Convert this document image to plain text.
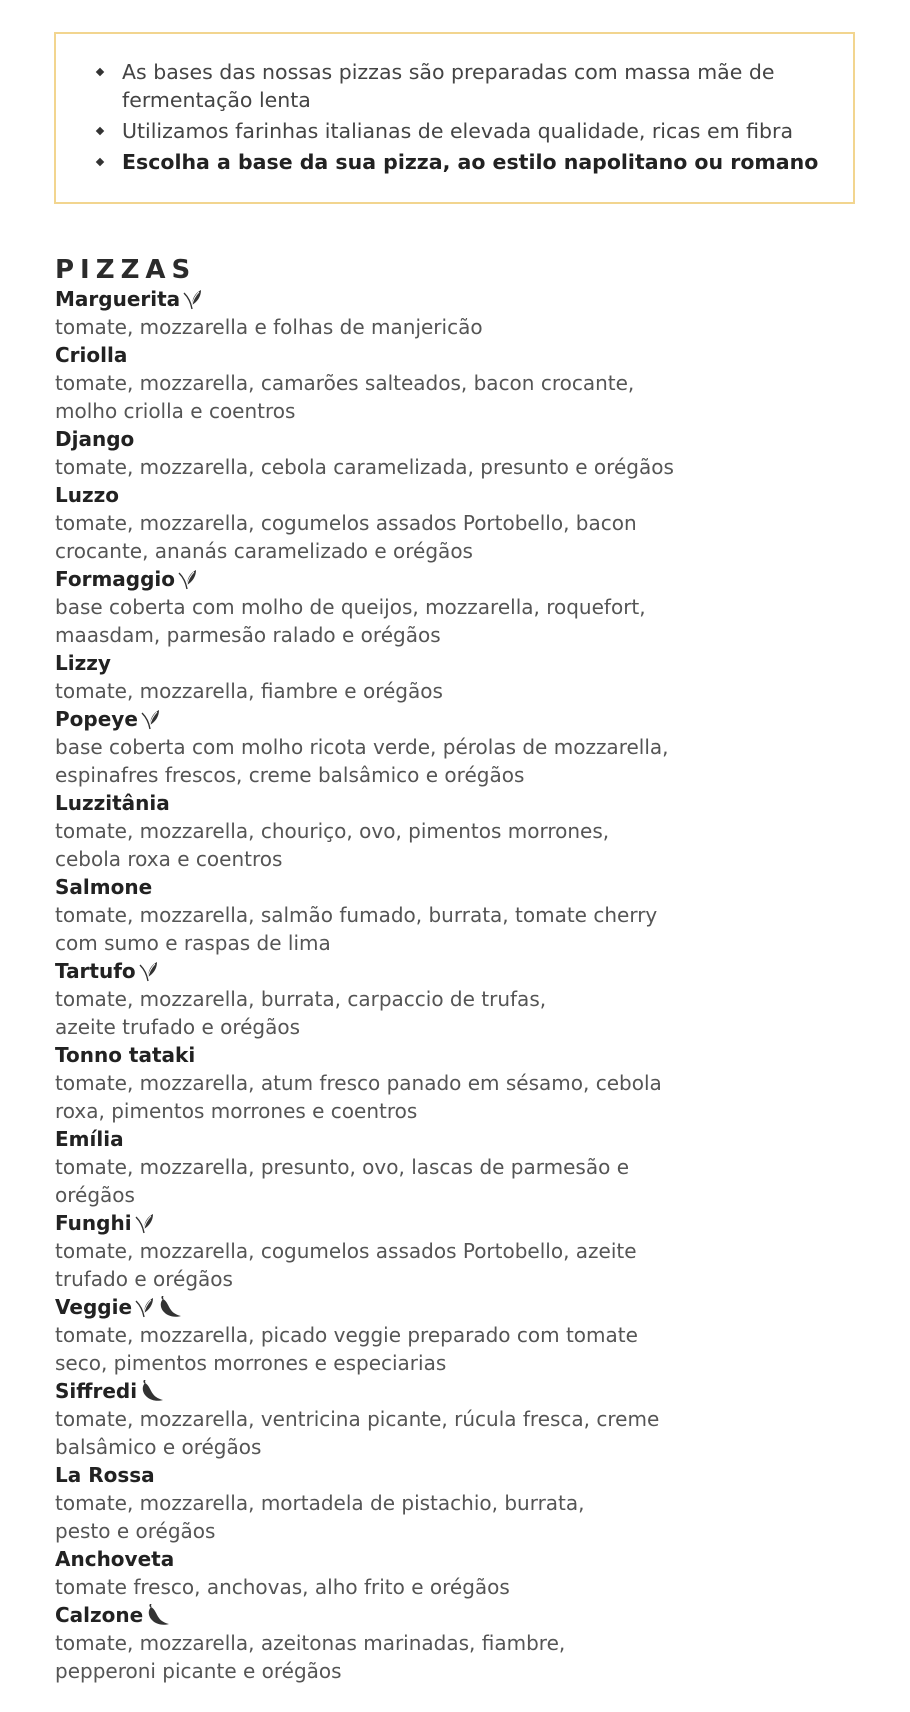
As bases das nossas pizzas são preparadas com massa mãe de fermentação lenta
Utilizamos farinhas italianas de elevada qualidade, ricas em fibra
Escolha a base da sua pizza, ao estilo napolitano ou romano
PIZZAS
Marguerita

tomate, mozzarella e folhas de manjericão

Criolla

tomate, mozzarella, camarões salteados, bacon crocante,

molho criolla e coentros

Django

tomate, mozzarella, cebola caramelizada, presunto e orégãos

Luzzo

tomate, mozzarella, cogumelos assados Portobello, bacon

crocante, ananás caramelizado e orégãos

Formaggio

base coberta com molho de queijos, mozzarella, roquefort,

maasdam, parmesão ralado e orégãos

Lizzy

tomate, mozzarella, fiambre e orégãos

Popeye

base coberta com molho ricota verde, pérolas de mozzarella,

espinafres frescos, creme balsâmico e orégãos

Luzzitânia

tomate, mozzarella, chouriço, ovo, pimentos morrones,

cebola roxa e coentros

Salmone

tomate, mozzarella, salmão fumado, burrata, tomate cherry

com sumo e raspas de lima

Tartufo

tomate, mozzarella, burrata, carpaccio de trufas,

azeite trufado e orégãos

Tonno tataki

tomate, mozzarella, atum fresco panado em sésamo, cebola

roxa, pimentos morrones e coentros

Emília

tomate, mozzarella, presunto, ovo, lascas de parmesão e

orégãos

Funghi

tomate, mozzarella, cogumelos assados Portobello, azeite

trufado e orégãos

Veggie

tomate, mozzarella, picado veggie preparado com tomate

seco, pimentos morrones e especiarias

Siffredi

tomate, mozzarella, ventricina picante, rúcula fresca, creme

balsâmico e orégãos

La Rossa

tomate, mozzarella, mortadela de pistachio, burrata,

pesto e orégãos

Anchoveta

tomate fresco, anchovas, alho frito e orégãos

Calzone

tomate, mozzarella, azeitonas marinadas, fiambre,

pepperoni picante e orégãos
